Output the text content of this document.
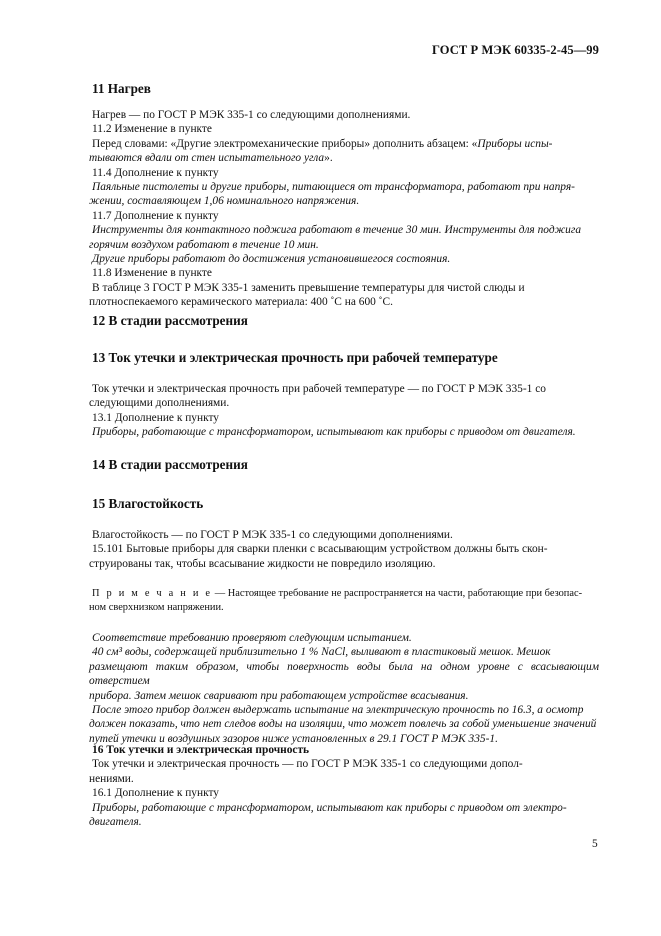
ГОСТ Р МЭК 60335-2-45—99
11 Нагрев
Нагрев — по ГОСТ Р МЭК 335-1 со следующими дополнениями.
11.2 Изменение в пункте
Перед словами: «Другие электромеханические приборы» дополнить абзацем: «Приборы испы-
тываются вдали от стен испытательного угла».
11.4 Дополнение к пункту
Паяльные пистолеты и другие приборы, питающиеся от трансформатора, работают при напря-
жении, составляющем 1,06 номинального напряжения.
11.7 Дополнение к пункту
Инструменты для контактного поджига работают в течение 30 мин. Инструменты для поджига
горячим воздухом работают в течение 10 мин.
Другие приборы работают до достижения установившегося состояния.
11.8 Изменение в пункте
В таблице 3 ГОСТ Р МЭК 335-1 заменить превышение температуры для чистой слюды и
плотноспекаемого керамического материала: 400 ˚С на 600 ˚С.
12 В стадии рассмотрения
13 Ток утечки и электрическая прочность при рабочей температуре
Ток утечки и электрическая прочность при рабочей температуре — по ГОСТ Р МЭК 335-1 со
следующими дополнениями.
13.1 Дополнение к пункту
Приборы, работающие с трансформатором, испытывают как приборы с приводом от двигателя.
14 В стадии рассмотрения
15 Влагостойкость
Влагостойкость — по ГОСТ Р МЭК 335-1 со следующими дополнениями.
15.101 Бытовые приборы для сварки пленки с всасывающим устройством должны быть скон-
струированы так, чтобы всасывание жидкости не повредило изоляцию.
П р и м е ч а н и е — Настоящее требование не распространяется на части, работающие при безопас-
ном сверхнизком напряжении.
Соответствие требованию проверяют следующим испытанием.
40 см³ воды, содержащей приблизительно 1 % NaCl, выливают в пластиковый мешок. Мешок
размещают таким образом, чтобы поверхность воды была на одном уровне с всасывающим отверстием
прибора. Затем мешок сваривают при работающем устройстве всасывания.
После этого прибор должен выдержать испытание на электрическую прочность по 16.3, а осмотр
должен показать, что нет следов воды на изоляции, что может повлечь за собой уменьшение значений
путей утечки и воздушных зазоров ниже установленных в 29.1 ГОСТ Р МЭК 335-1.
16 Ток утечки и электрическая прочность
Ток утечки и электрическая прочность — по ГОСТ Р МЭК 335-1 со следующими допол-
нениями.
16.1 Дополнение к пункту
Приборы, работающие с трансформатором, испытывают как приборы с приводом от электро-
двигателя.
5
